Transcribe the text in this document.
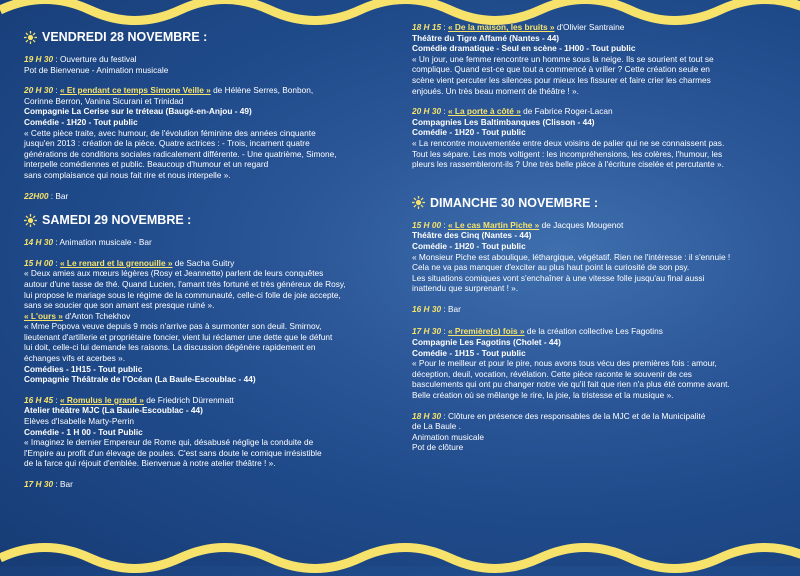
VENDREDI 28 NOVEMBRE :

19 H 30 : Ouverture du festival

Pot de Bienvenue - Animation musicale

20 H 30 : « Et pendant ce temps Simone Veille » de Hélène Serres, Bonbon,

Corinne Berron, Vanina Sicurani et Trinidad

Compagnie La Cerise sur le tréteau (Baugé-en-Anjou - 49)

Comédie - 1H20 - Tout public

« Cette pièce traite, avec humour, de l'évolution féminine des années cinquante

jusqu'en 2013 : création de la pièce. Quatre actrices : - Trois, incarnent quatre

générations de conditions sociales radicalement différente. - Une quatrième, Simone,

interpelle comédiennes et public. Beaucoup d'humour et un regard

sans complaisance qui nous fait rire et nous interpelle ».

22H00 : Bar

SAMEDI 29 NOVEMBRE :

14 H 30 : Animation musicale - Bar

15 H 00 : « Le renard et la grenouille » de Sacha Guitry

« Deux amies aux mœurs légères (Rosy et Jeannette) parlent de leurs conquêtes

autour d'une tasse de thé. Quand Lucien, l'amant très fortuné et très généreux de Rosy,

lui propose le mariage sous le régime de la communauté, celle-ci folle de joie accepte,

sans se soucier que son amant est presque ruiné ».

« L'ours » d'Anton Tchekhov

« Mme Popova veuve depuis 9 mois n'arrive pas à surmonter son deuil. Smirnov,

lieutenant d'artillerie et propriétaire foncier, vient lui réclamer une dette que le défunt

lui doit, celle-ci lui demande les raisons. La discussion dégénère rapidement en

échanges vifs et acerbes ».

Comédies - 1H15 - Tout public

Compagnie Théâtrale de l'Océan (La Baule-Escoublac - 44)

16 H 45 : « Romulus le grand » de Friedrich Dürrenmatt

Atelier théâtre MJC (La Baule-Escoublac - 44)

Elèves d'Isabelle Marty-Perrin

Comédie - 1 H 00 - Tout Public

« Imaginez le dernier Empereur de Rome qui, désabusé néglige la conduite de

l'Empire au profit d'un élevage de poules. C'est sans doute le comique irrésistible

de la farce qui réjouit d'emblée. Bienvenue à notre atelier théâtre ! ».

17 H 30 : Bar

18 H 15 : « De la maison, les bruits » d'Olivier Santraine

Théâtre du Tigre Affamé (Nantes - 44)

Comédie dramatique - Seul en scène - 1H00 - Tout public

« Un jour, une femme rencontre un homme sous la neige. Ils se sourient et tout se

complique. Quand est-ce que tout a commencé à vriller ? Cette création seule en

scène vient percuter les silences pour mieux les fissurer et faire crier les charmes

enjoués. Un très beau moment de théâtre ! ».

20 H 30 : « La porte à côté » de Fabrice Roger-Lacan

Compagnies Les Baltimbanques (Clisson - 44)

Comédie - 1H20 - Tout public

« La rencontre mouvementée entre deux voisins de palier qui ne se connaissent pas.

Tout les sépare. Les mots voltigent : les incompréhensions, les colères, l'humour, les

pleurs les rassembleront-ils ? Une très belle pièce à l'écriture ciselée et percutante ».

DIMANCHE 30 NOVEMBRE :

15 H 00 : « Le cas Martin Piche » de Jacques Mougenot

Théâtre des Cinq (Nantes - 44)

Comédie - 1H20 - Tout public

« Monsieur Piche est aboulique, léthargique, végétatif. Rien ne l'intéresse : il s'ennuie !

Cela ne va pas manquer d'exciter au plus haut point la curiosité de son psy.

Les situations comiques vont s'enchaîner à une vitesse folle jusqu'au final aussi

inattendu que surprenant ! ».

16 H 30 : Bar

17 H 30 : « Première(s) fois » de la création collective Les Fagotins

Compagnie Les Fagotins (Cholet - 44)

Comédie - 1H15 - Tout public

« Pour le meilleur et pour le pire, nous avons tous vécu des premières fois : amour,

déception, deuil, vocation, révélation. Cette pièce raconte le souvenir de ces

basculements qui ont pu changer notre vie qu'il fait que rien n'a plus été comme avant.

Belle création où se mêlange le rire, la joie, la tristesse et la musique ».

18 H 30 : Clôture en présence des responsables de la MJC et de la Municipalité

de La Baule .

Animation musicale

Pot de clôture
